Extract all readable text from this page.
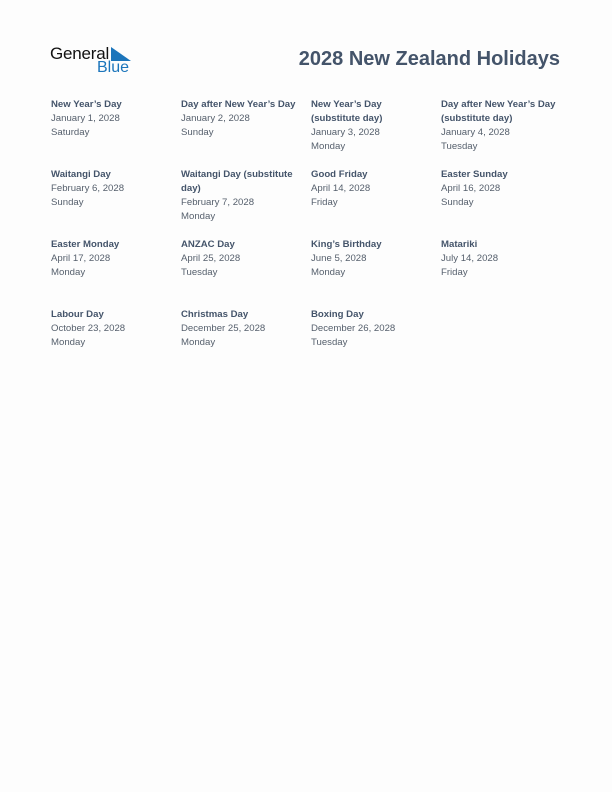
General
Blue	2028 New Zealand Holidays
New Year’s Day
January 1, 2028
Saturday
Day after New Year’s Day
January 2, 2028
Sunday
New Year’s Day (substitute day)
January 3, 2028
Monday
Day after New Year’s Day (substitute day)
January 4, 2028
Tuesday
Waitangi Day
February 6, 2028
Sunday
Waitangi Day (substitute day)
February 7, 2028
Monday
Good Friday
April 14, 2028
Friday
Easter Sunday
April 16, 2028
Sunday
Easter Monday
April 17, 2028
Monday
ANZAC Day
April 25, 2028
Tuesday
King’s Birthday
June 5, 2028
Monday
Matariki
July 14, 2028
Friday
Labour Day
October 23, 2028
Monday
Christmas Day
December 25, 2028
Monday
Boxing Day
December 26, 2028
Tuesday
